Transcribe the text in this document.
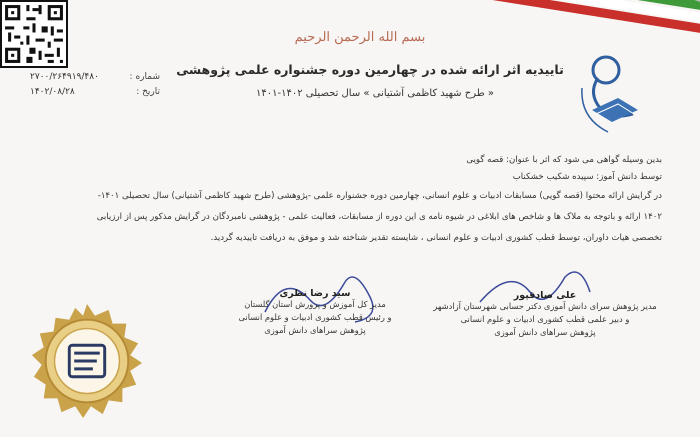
بسم الله الرحمن الرحیم
تاییدیه اثر ارائه شده در چهارمین دوره جشنواره علمی پژوهشی
« طرح شهید کاظمی آشتیانی » سال تحصیلی ۱۴۰۲-۱۴۰۱
شماره :
۲۷۰۰/۲۶۴۹۱۹/۴۸۰
تاریخ :
۱۴۰۲/۰۸/۲۸
بدین وسیله گواهی می شود که اثر با عنوان: قصه گویی
توسط دانش آموز: سپیده شکیب خشکناب
در گرایش ارائه محتوا (قصه گویی) مسابقات ادبیات و علوم انسانی، چهارمین دوره جشنواره علمی -پژوهشی (طرح شهید کاظمی آشتیانی) سال تحصیلی ۱۴۰۱-
۱۴۰۲ ارائه و باتوجه به ملاک ها و شاخص های ابلاغی در شیوه نامه ی این دوره از مسابقات، فعالیت علمی - پژوهشی نامبردگان در گرایش مذکور پس از ارزیابی
تخصصی هیات داوران، توسط قطب کشوری ادبیات و علوم انسانی ، شایسته تقدیر شناخته شد و موفق به دریافت تاییدیه گردید.
سید رضا نظری
مدیر کل آموزش و پرورش استان گلستان
و رئیس قطب کشوری ادبیات و علوم انسانی
پژوهش سراهای دانش آموزی
علی صادقپور
مدیر پژوهش سرای دانش آموزی دکتر حسابی شهرستان آزادشهر
و دبیر علمی قطب کشوری ادبیات و علوم انسانی
پژوهش سراهای دانش آموزی
